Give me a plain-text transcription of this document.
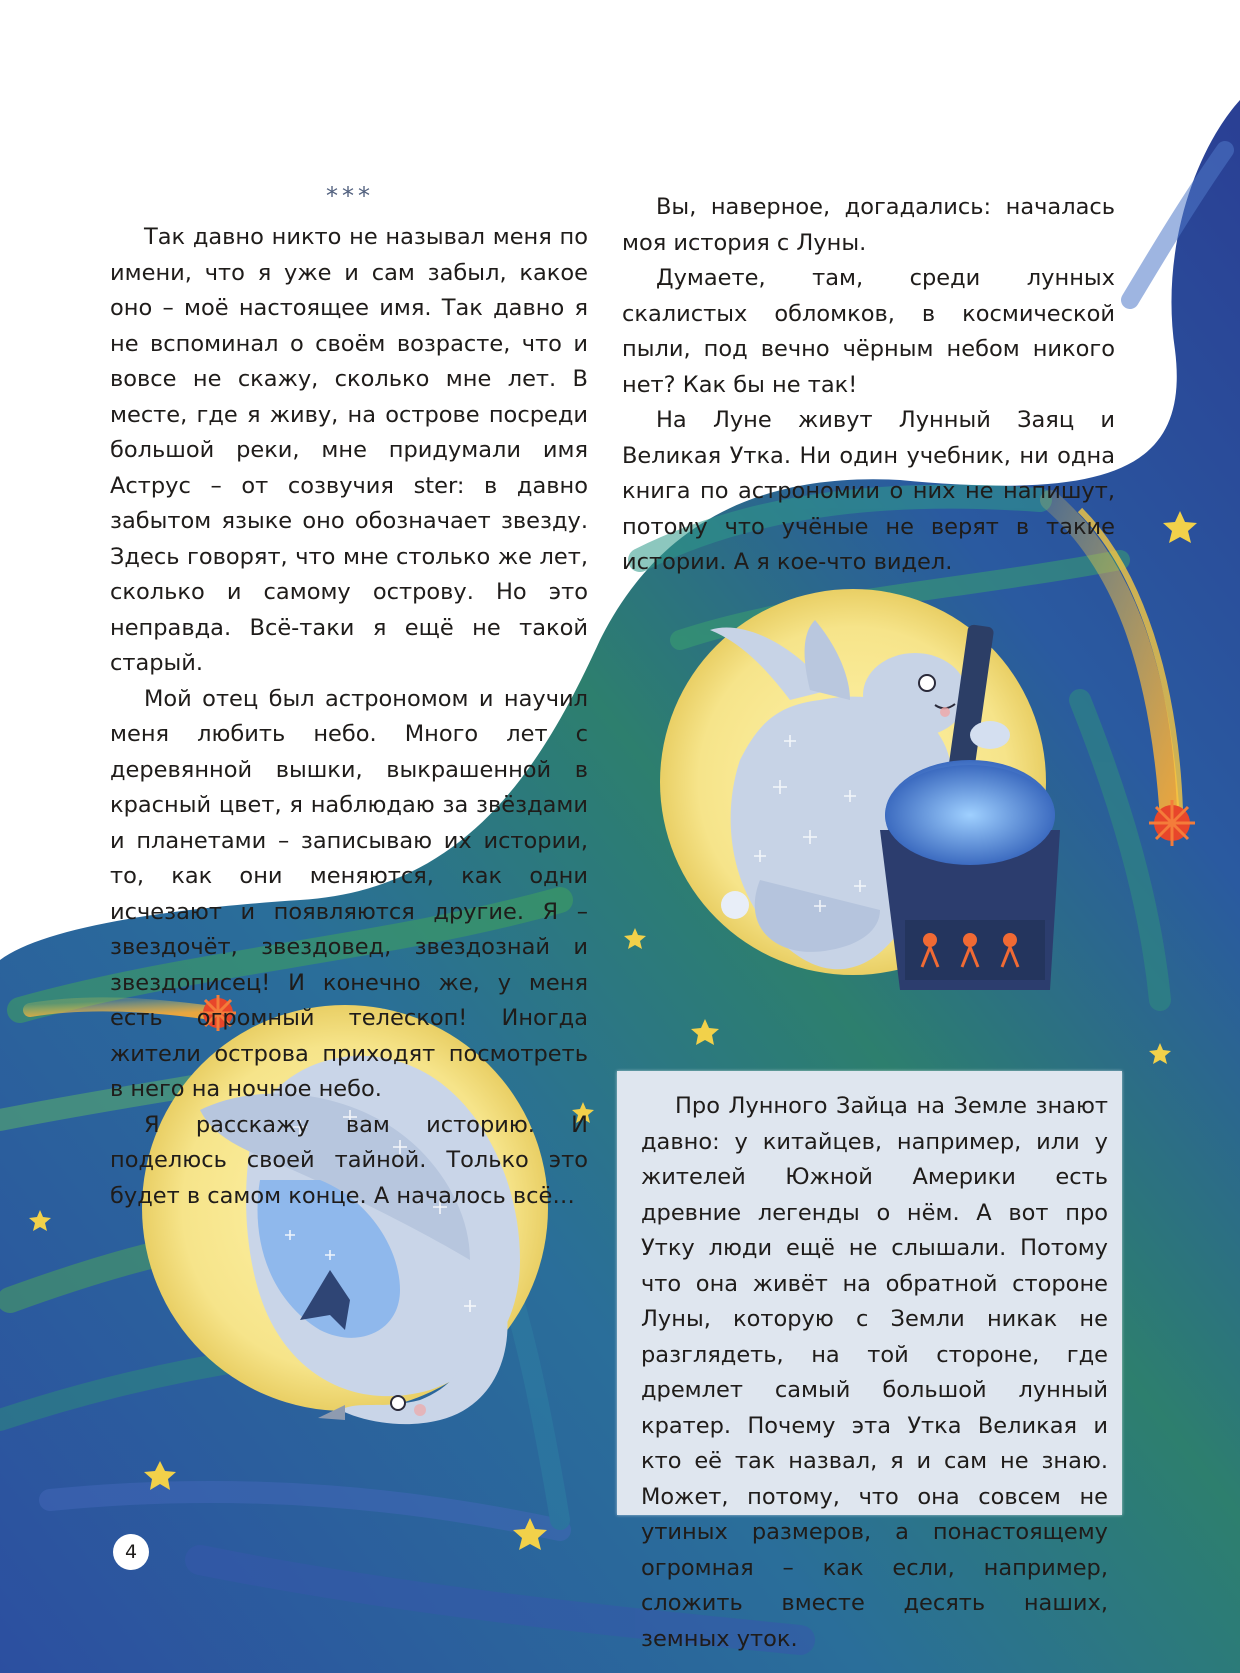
***

Так давно никто не называл меня по имени, что я уже и сам забыл, какое оно – моё настоящее имя. Так давно я не вспоминал о своём возрасте, что и вовсе не скажу, сколько мне лет. В месте, где я живу, на острове посреди большой реки, мне придумали имя Аструс – от созвучия ster: в давно забытом языке оно обозначает звезду. Здесь говорят, что мне столько же лет, сколько и самому острову. Но это неправда. Всё-таки я ещё не такой старый.

Мой отец был астрономом и научил меня любить небо. Много лет с деревянной вышки, выкрашенной в красный цвет, я наблюдаю за звёздами и планетами – записываю их истории, то, как они меняются, как одни исчезают и появляются другие. Я – звездочёт, звездовед, звездознай и звездописец! И конечно же, у меня есть огромный телескоп! Иногда жители острова приходят посмотреть в него на ночное небо.

Я расскажу вам историю. И поделюсь своей тайной. Только это будет в самом конце. А началось всё…

Вы, наверное, догадались: началась моя история с Луны.

Думаете, там, среди лунных скалистых обломков, в космической пыли, под вечно чёрным небом никого нет? Как бы не так!

На Луне живут Лунный Заяц и Великая Утка. Ни один учебник, ни одна книга по астрономии о них не напишут, потому что учёные не верят в такие истории. А я кое-что видел.

Про Лунного Зайца на Земле знают давно: у китайцев, например, или у жителей Южной Америки есть древние легенды о нём. А вот про Утку люди ещё не слышали. Потому что она живёт на обратной стороне Луны, которую с Земли никак не разглядеть, на той стороне, где дремлет самый большой лунный кратер. Почему эта Утка Великая и кто её так назвал, я и сам не знаю. Может, потому, что она совсем не утиных размеров, а понастоящему огромная – как если, например, сложить вместе десять наших, земных уток.

4
